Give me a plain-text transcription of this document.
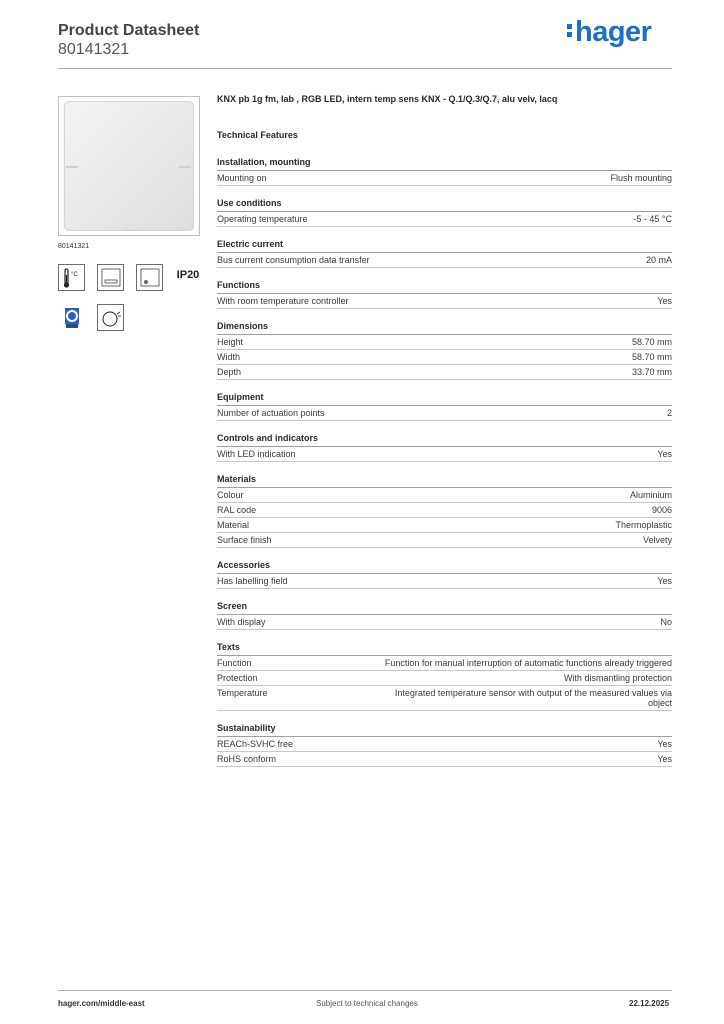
Product Datasheet
80141321
hager
80141321
°C	IP20
KNX pb 1g fm, lab , RGB LED, intern temp sens KNX - Q.1/Q.3/Q.7, alu velv, lacq
Technical Features
Installation, mounting
Mounting on	Flush mounting
Use conditions
Operating temperature	-5 - 45 °C
Electric current
Bus current consumption data transfer	20 mA
Functions
With room temperature controller	Yes
Dimensions
Height	58.70 mm
Width	58.70 mm
Depth	33.70 mm
Equipment
Number of actuation points	2
Controls and indicators
With LED indication	Yes
Materials
Colour	Aluminium
RAL code	9006
Material	Thermoplastic
Surface finish	Velvety
Accessories
Has labelling field	Yes
Screen
With display	No
Texts
Function	Function for manual interruption of automatic functions already triggered
Protection	With dismantling protection
Temperature	Integrated temperature sensor with output of the measured values via object
Sustainability
REACh-SVHC free	Yes
RoHS conform	Yes
hager.com/middle-east	Subject to technical changes	22.12.2025
